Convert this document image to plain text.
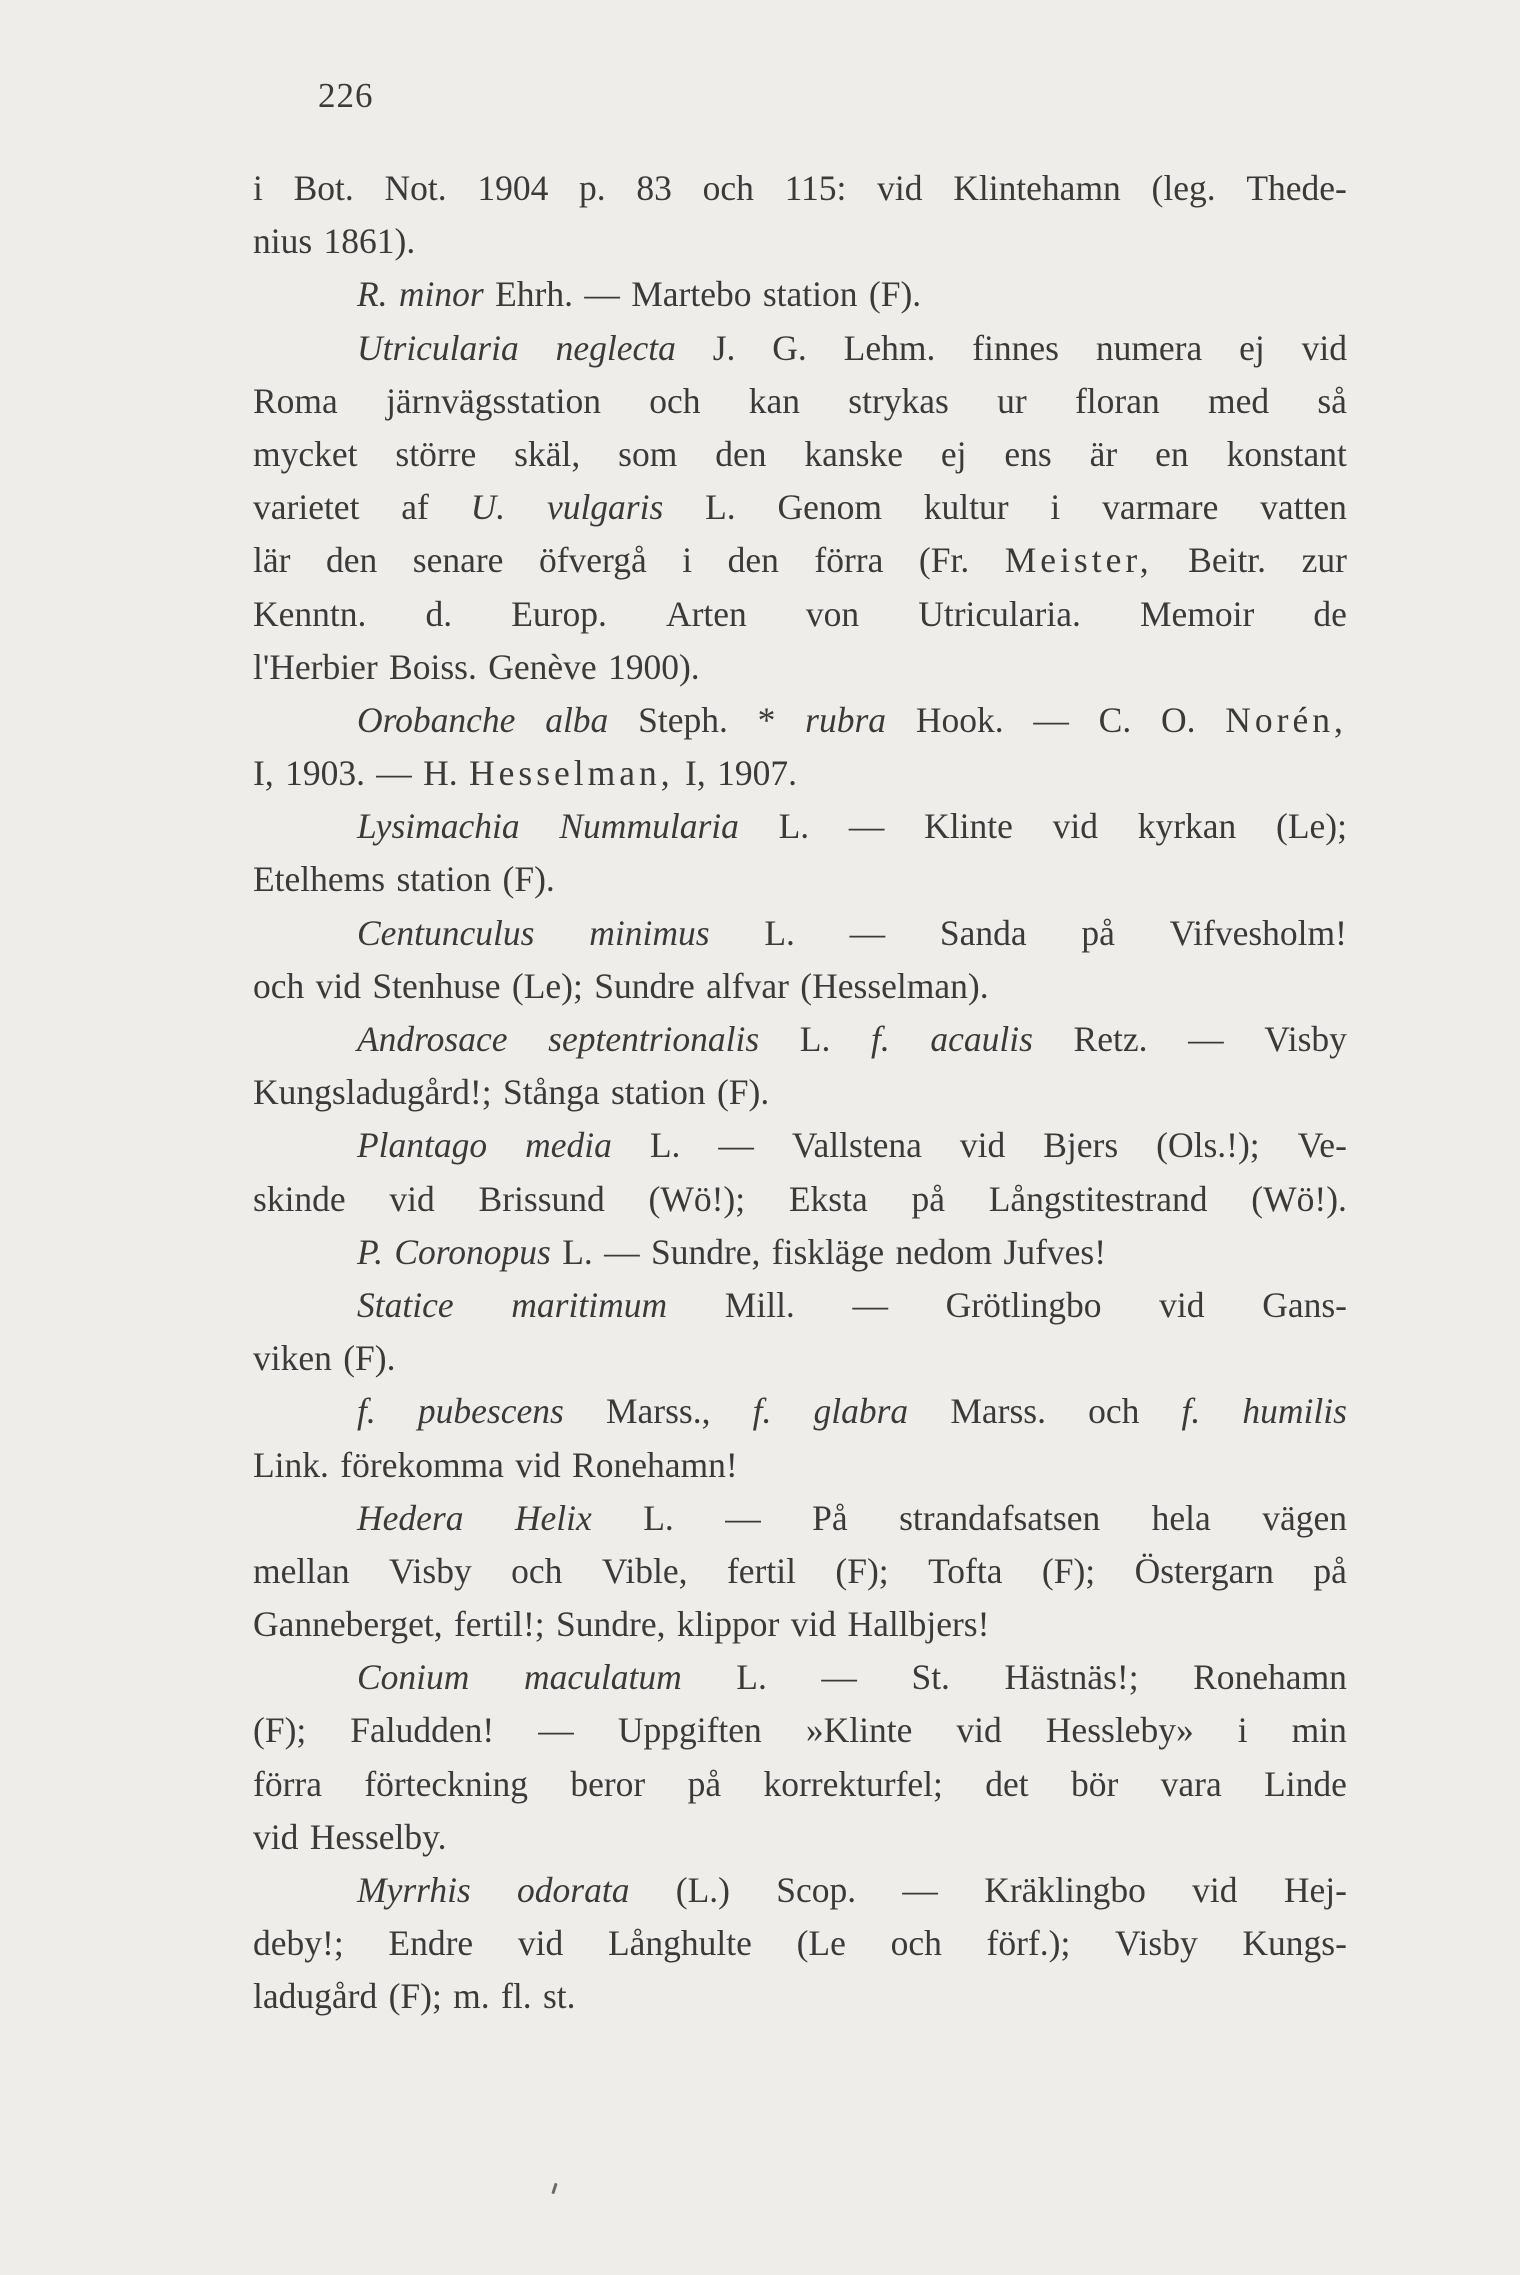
226
i Bot. Not. 1904 p. 83 och 115: vid Klintehamn (leg. Thede-
nius 1861).
R. minor Ehrh. — Martebo station (F).
Utricularia neglecta J. G. Lehm. finnes numera ej vid
Roma järnvägsstation och kan strykas ur floran med så
mycket större skäl, som den kanske ej ens är en konstant
varietet af U. vulgaris L. Genom kultur i varmare vatten
lär den senare öfvergå i den förra (Fr. Meister, Beitr. zur
Kenntn. d. Europ. Arten von Utricularia. Memoir de
l'Herbier Boiss. Genève 1900).
Orobanche alba Steph. * rubra Hook. — C. O. Norén,
I, 1903. — H. Hesselman, I, 1907.
Lysimachia Nummularia L. — Klinte vid kyrkan (Le);
Etelhems station (F).
Centunculus minimus L. — Sanda på Vifvesholm!
och vid Stenhuse (Le); Sundre alfvar (Hesselman).
Androsace septentrionalis L. f. acaulis Retz. — Visby
Kungsladugård!; Stånga station (F).
Plantago media L. — Vallstena vid Bjers (Ols.!); Ve-
skinde vid Brissund (Wö!); Eksta på Långstitestrand (Wö!).
P. Coronopus L. — Sundre, fiskläge nedom Jufves!
Statice maritimum Mill. — Grötlingbo vid Gans-
viken (F).
f. pubescens Marss., f. glabra Marss. och f. humilis
Link. förekomma vid Ronehamn!
Hedera Helix L. — På strandafsatsen hela vägen
mellan Visby och Vible, fertil (F); Tofta (F); Östergarn på
Ganneberget, fertil!; Sundre, klippor vid Hallbjers!
Conium maculatum L. — St. Hästnäs!; Ronehamn
(F); Faludden! — Uppgiften »Klinte vid Hessleby» i min
förra förteckning beror på korrekturfel; det bör vara Linde
vid Hesselby.
Myrrhis odorata (L.) Scop. — Kräklingbo vid Hej-
deby!; Endre vid Långhulte (Le och förf.); Visby Kungs-
ladugård (F); m. fl. st.
